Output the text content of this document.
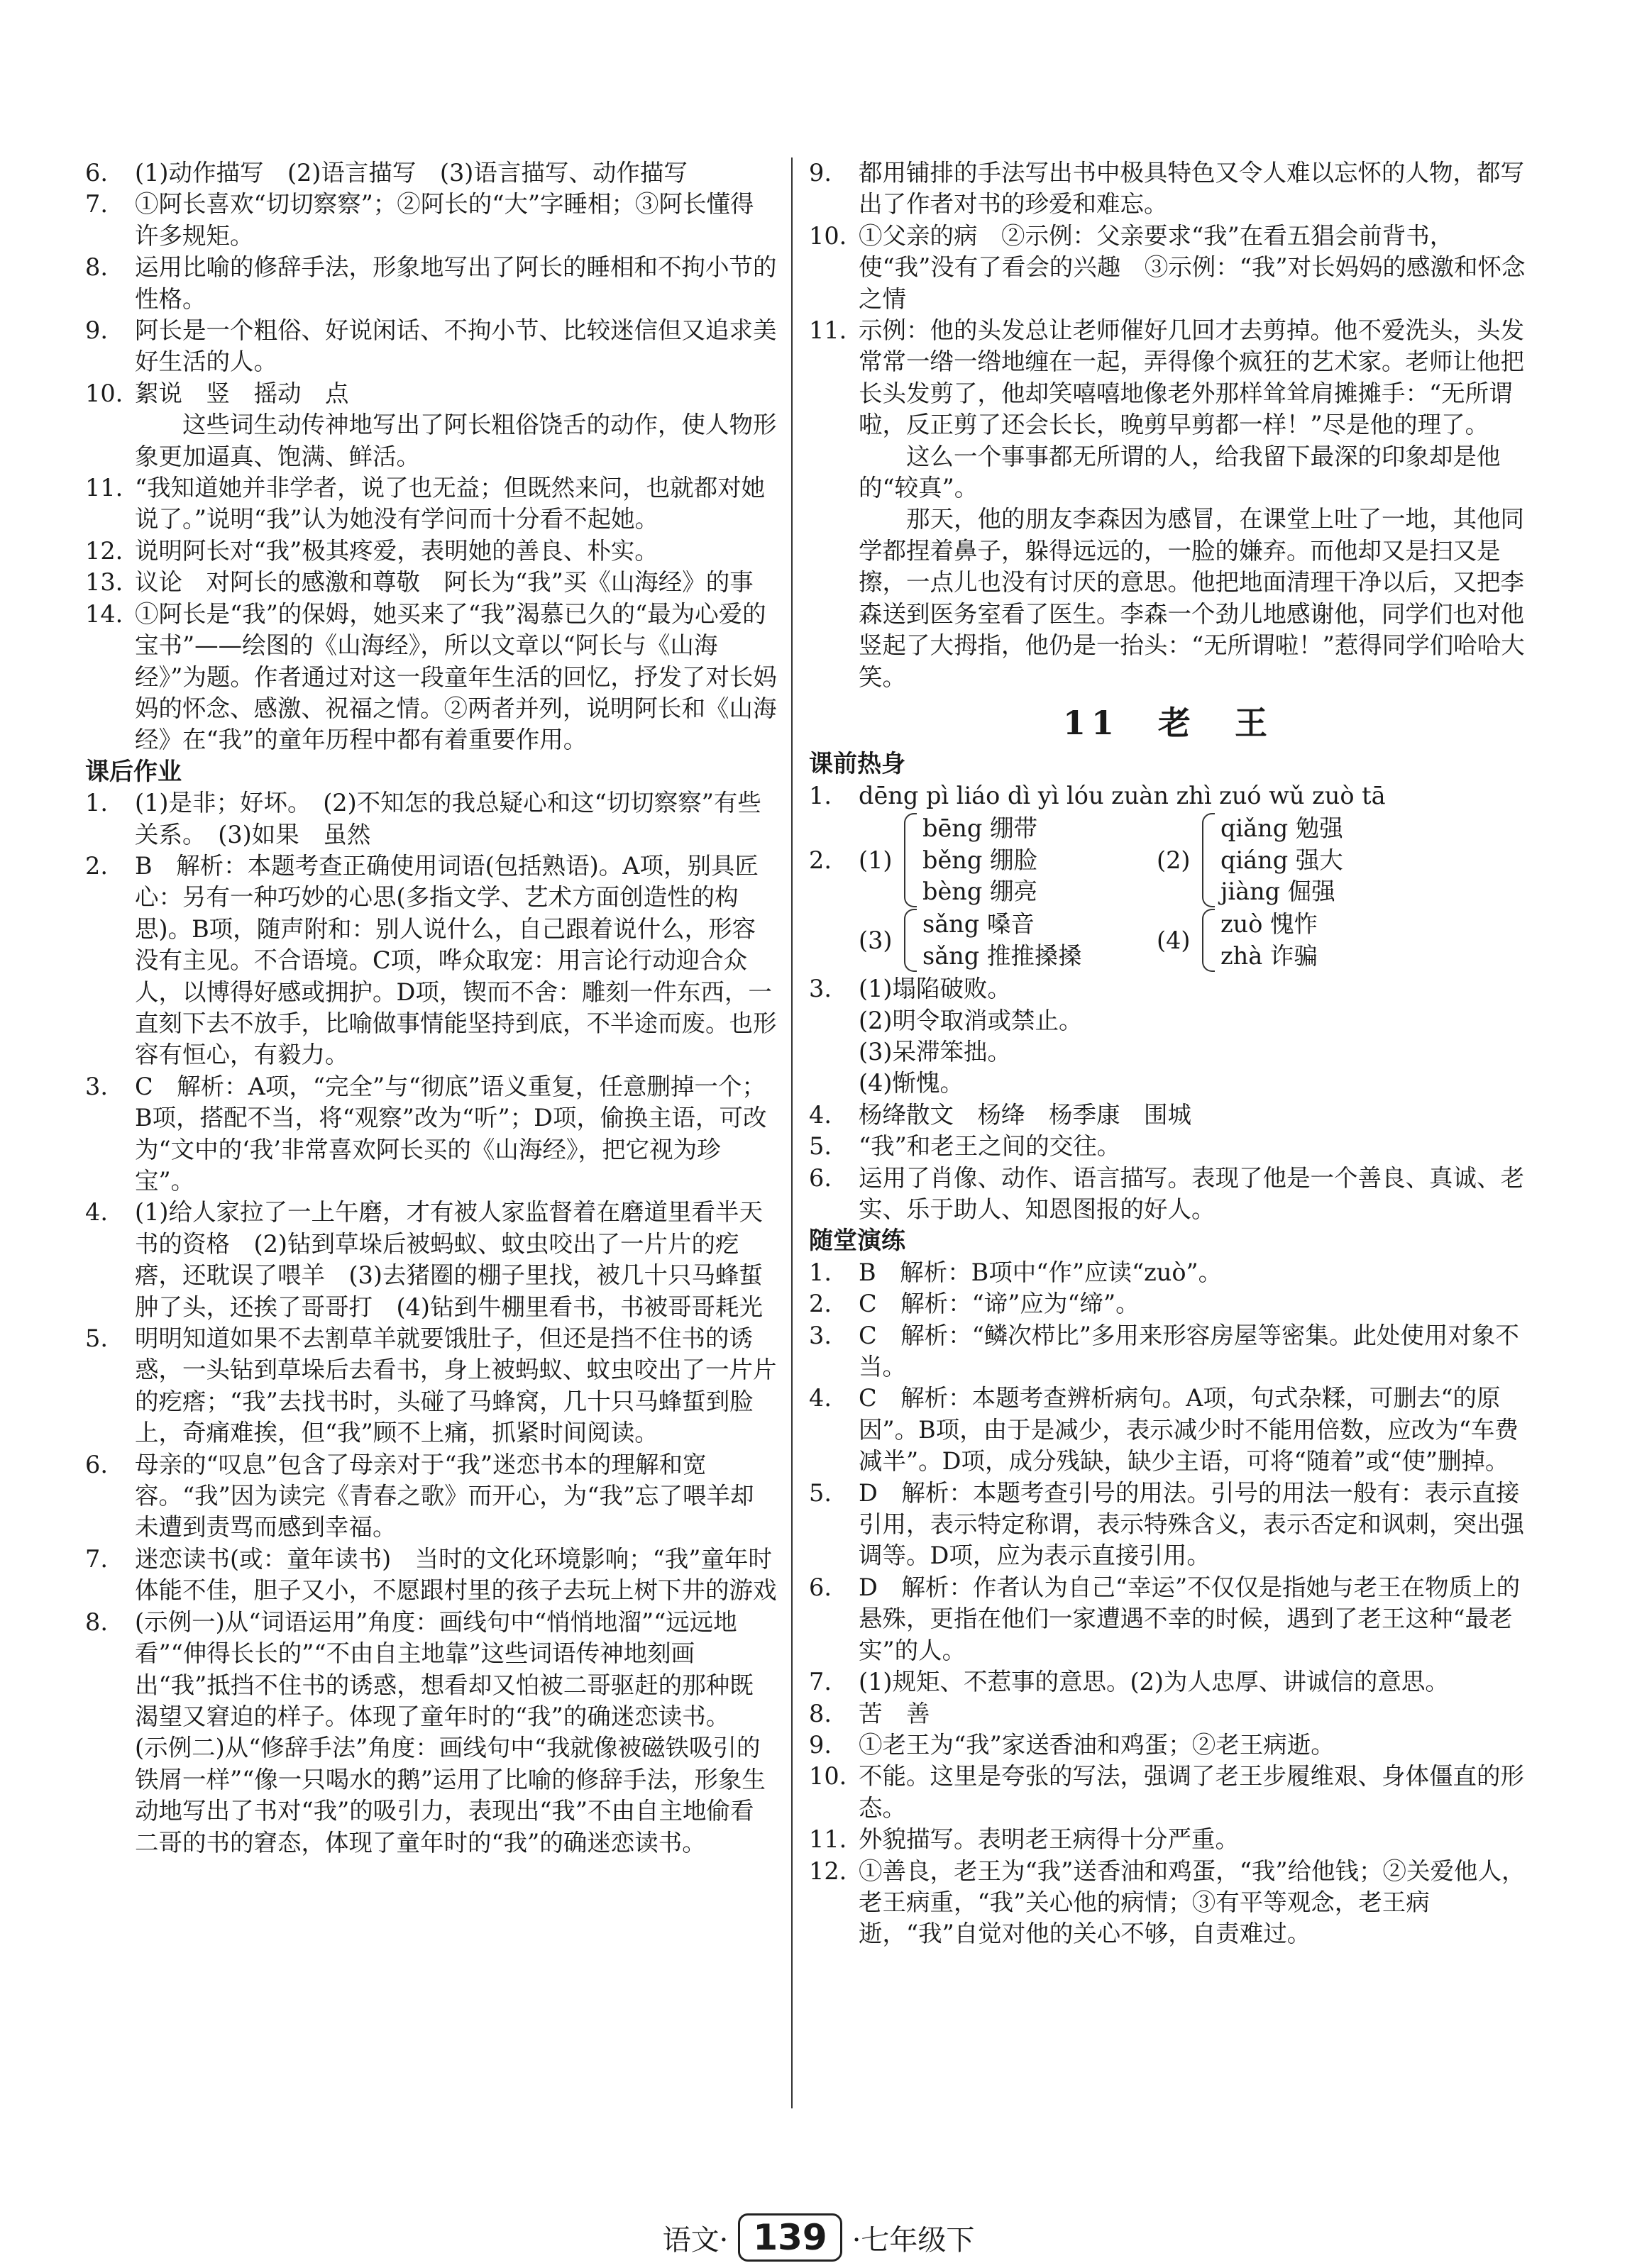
6. (1)动作描写　(2)语言描写　(3)语言描写、动作描写
7. ①阿长喜欢“切切察察”；②阿长的“大”字睡相；③阿长懂得许多规矩。
8. 运用比喻的修辞手法，形象地写出了阿长的睡相和不拘小节的性格。
9. 阿长是一个粗俗、好说闲话、不拘小节、比较迷信但又追求美好生活的人。
10. 絮说　竖　摇动　点
这些词生动传神地写出了阿长粗俗饶舌的动作，使人物形象更加逼真、饱满、鲜活。
11. “我知道她并非学者，说了也无益；但既然来问，也就都对她说了。”说明“我”认为她没有学问而十分看不起她。
12. 说明阿长对“我”极其疼爱，表明她的善良、朴实。
13. 议论　对阿长的感激和尊敬　阿长为“我”买《山海经》的事
14. ①阿长是“我”的保姆，她买来了“我”渴慕已久的“最为心爱的宝书”——绘图的《山海经》，所以文章以“阿长与《山海经》”为题。作者通过对这一段童年生活的回忆，抒发了对长妈妈的怀念、感激、祝福之情。②两者并列，说明阿长和《山海经》在“我”的童年历程中都有着重要作用。
课后作业
1. (1)是非；好坏。　(2)不知怎的我总疑心和这“切切察察”有些关系。　(3)如果　虽然
2. B　解析：本题考查正确使用词语(包括熟语)。A项，别具匠心：另有一种巧妙的心思(多指文学、艺术方面创造性的构思)。B项，随声附和：别人说什么，自己跟着说什么，形容没有主见。不合语境。C项，哗众取宠：用言论行动迎合众人，以博得好感或拥护。D项，锲而不舍：雕刻一件东西，一直刻下去不放手，比喻做事情能坚持到底，不半途而废。也形容有恒心，有毅力。
3. C　解析：A项，“完全”与“彻底”语义重复，任意删掉一个；B项，搭配不当，将“观察”改为“听”；D项，偷换主语，可改为“文中的‘我’非常喜欢阿长买的《山海经》，把它视为珍宝”。
4. (1)给人家拉了一上午磨，才有被人家监督着在磨道里看半天书的资格　(2)钻到草垛后被蚂蚁、蚊虫咬出了一片片的疙瘩，还耽误了喂羊　(3)去猪圈的棚子里找，被几十只马蜂蜇肿了头，还挨了哥哥打　(4)钻到牛棚里看书，书被哥哥耗光
5. 明明知道如果不去割草羊就要饿肚子，但还是挡不住书的诱惑，一头钻到草垛后去看书，身上被蚂蚁、蚊虫咬出了一片片的疙瘩；“我”去找书时，头碰了马蜂窝，几十只马蜂蜇到脸上，奇痛难挨，但“我”顾不上痛，抓紧时间阅读。
6. 母亲的“叹息”包含了母亲对于“我”迷恋书本的理解和宽容。“我”因为读完《青春之歌》而开心，为“我”忘了喂羊却未遭到责骂而感到幸福。
7. 迷恋读书(或：童年读书)　当时的文化环境影响；“我”童年时体能不佳，胆子又小，不愿跟村里的孩子去玩上树下井的游戏
8. (示例一)从“词语运用”角度：画线句中“悄悄地溜”“远远地看”“伸得长长的”“不由自主地靠”这些词语传神地刻画出“我”抵挡不住书的诱惑，想看却又怕被二哥驱赶的那种既渴望又窘迫的样子。体现了童年时的“我”的确迷恋读书。
(示例二)从“修辞手法”角度：画线句中“我就像被磁铁吸引的铁屑一样”“像一只喝水的鹅”运用了比喻的修辞手法，形象生动地写出了书对“我”的吸引力，表现出“我”不由自主地偷看二哥的书的窘态，体现了童年时的“我”的确迷恋读书。
9. 都用铺排的手法写出书中极具特色又令人难以忘怀的人物，都写出了作者对书的珍爱和难忘。
10. ①父亲的病　②示例：父亲要求“我”在看五猖会前背书，使“我”没有了看会的兴趣　③示例：“我”对长妈妈的感激和怀念之情
11. 示例：他的头发总让老师催好几回才去剪掉。他不爱洗头，头发常常一绺一绺地缠在一起，弄得像个疯狂的艺术家。老师让他把长头发剪了，他却笑嘻嘻地像老外那样耸耸肩摊摊手：“无所谓啦，反正剪了还会长长，晚剪早剪都一样！”尽是他的理了。
这么一个事事都无所谓的人，给我留下最深的印象却是他的“较真”。
那天，他的朋友李森因为感冒，在课堂上吐了一地，其他同学都捏着鼻子，躲得远远的，一脸的嫌弃。而他却又是扫又是擦，一点儿也没有讨厌的意思。他把地面清理干净以后，又把李森送到医务室看了医生。李森一个劲儿地感谢他，同学们也对他竖起了大拇指，他仍是一抬头：“无所谓啦！”惹得同学们哈哈大笑。
11　老　王
课前热身
1. dēng pì liáo dì yì lóu zuàn zhì zuó wǔ zuò tā
2. (1)
bēng 绷带
běng 绷脸
bèng 绷亮
(2)
qiǎng 勉强
qiáng 强大
jiàng 倔强
(3)
sǎng 嗓音
sǎng 推推搡搡
(4)
zuò 愧怍
zhà 诈骗
3. (1)塌陷破败。
(2)明令取消或禁止。
(3)呆滞笨拙。
(4)惭愧。
4. 杨绛散文　杨绛　杨季康　围城
5. “我”和老王之间的交往。
6. 运用了肖像、动作、语言描写。表现了他是一个善良、真诚、老实、乐于助人、知恩图报的好人。
随堂演练
1. B　解析：B项中“作”应读“zuò”。
2. C　解析：“谛”应为“缔”。
3. C　解析：“鳞次栉比”多用来形容房屋等密集。此处使用对象不当。
4. C　解析：本题考查辨析病句。A项，句式杂糅，可删去“的原因”。B项，由于是减少，表示减少时不能用倍数，应改为“车费减半”。D项，成分残缺，缺少主语，可将“随着”或“使”删掉。
5. D　解析：本题考查引号的用法。引号的用法一般有：表示直接引用，表示特定称谓，表示特殊含义，表示否定和讽刺，突出强调等。D项，应为表示直接引用。
6. D　解析：作者认为自己“幸运”不仅仅是指她与老王在物质上的悬殊，更指在他们一家遭遇不幸的时候，遇到了老王这种“最老实”的人。
7. (1)规矩、不惹事的意思。(2)为人忠厚、讲诚信的意思。
8. 苦　善
9. ①老王为“我”家送香油和鸡蛋；②老王病逝。
10. 不能。这里是夸张的写法，强调了老王步履维艰、身体僵直的形态。
11. 外貌描写。表明老王病得十分严重。
12. ①善良，老王为“我”送香油和鸡蛋，“我”给他钱；②关爱他人，老王病重，“我”关心他的病情；③有平等观念，老王病逝，“我”自觉对他的关心不够，自责难过。
语文· 139 ·七年级下
